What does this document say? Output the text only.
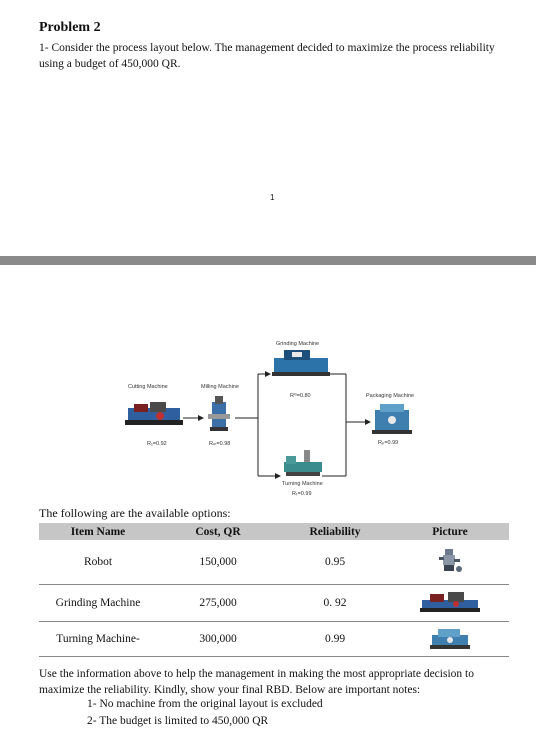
Problem 2
1- Consider the process layout below. The management decided to maximize the process reliability using a budget of 450,000 QR.
1
Cutting Machine
R₁=0.92
Milling Machine
Rₘ=0.98
Grinding Machine
Rᴳ=0.80
Turning Machine
Rₜ=0.99
Packaging Machine
Rₚ=0.99
The following are the available options:
Item Name	Cost, QR	Reliability	Picture
Robot	150,000	0.95	
Grinding Machine	275,000	0. 92	
Turning Machine-	300,000	0.99	
Use the information above to help the management in making the most appropriate decision to maximize the reliability. Kindly, show your final RBD. Below are important notes:
1- No machine from the original layout is excluded
2- The budget is limited to 450,000 QR
